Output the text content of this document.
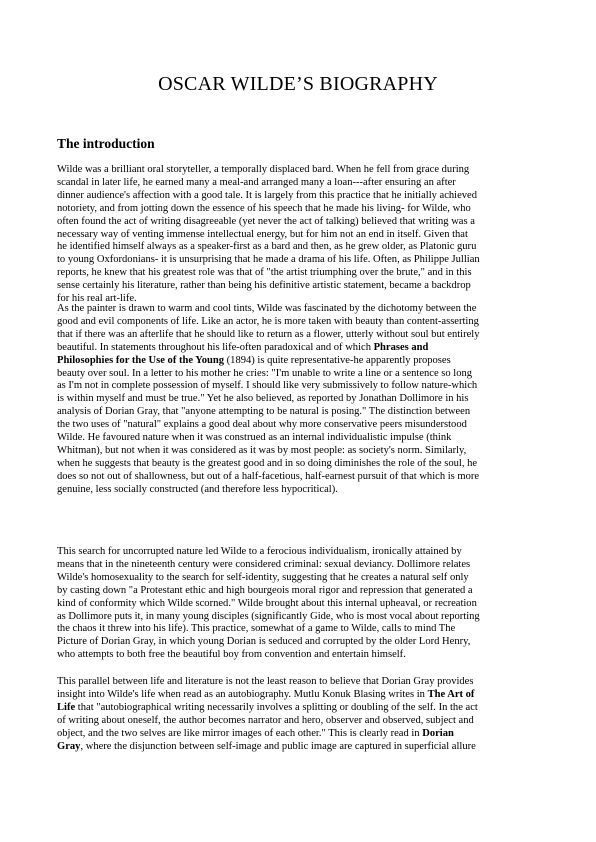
OSCAR WILDE’S BIOGRAPHY
The introduction
Wilde was a brilliant oral storyteller, a temporally displaced bard. When he fell from grace during
scandal in later life, he earned many a meal-and arranged many a loan---after ensuring an after
dinner audience's affection with a good tale. It is largely from this practice that he initially achieved
notoriety, and from jotting down the essence of his speech that he made his living- for Wilde, who
often found the act of writing disagreeable (yet never the act of talking) believed that writing was a
necessary way of venting immense intellectual energy, but for him not an end in itself. Given that
he identified himself always as a speaker-first as a bard and then, as he grew older, as Platonic guru
to young Oxfordonians- it is unsurprising that he made a drama of his life. Often, as Philippe Jullian
reports, he knew that his greatest role was that of "the artist triumphing over the brute," and in this
sense certainly his literature, rather than being his definitive artistic statement, became a backdrop
for his real art-life.
As the painter is drawn to warm and cool tints, Wilde was fascinated by the dichotomy between the
good and evil components of life. Like an actor, he is more taken with beauty than content-asserting
that if there was an afterlife that he should like to return as a flower, utterly without soul but entirely
beautiful. In statements throughout his life-often paradoxical and of which Phrases and
Philosophies for the Use of the Young (1894) is quite representative-he apparently proposes
beauty over soul. In a letter to his mother he cries: "I'm unable to write a line or a sentence so long
as I'm not in complete possession of myself. I should like very submissively to follow nature-which
is within myself and must be true." Yet he also believed, as reported by Jonathan Dollimore in his
analysis of Dorian Gray, that "anyone attempting to be natural is posing." The distinction between
the two uses of "natural" explains a good deal about why more conservative peers misunderstood
Wilde. He favoured nature when it was construed as an internal individualistic impulse (think
Whitman), but not when it was considered as it was by most people: as society's norm. Similarly,
when he suggests that beauty is the greatest good and in so doing diminishes the role of the soul, he
does so not out of shallowness, but out of a half-facetious, half-earnest pursuit of that which is more
genuine, less socially constructed (and therefore less hypocritical).
This search for uncorrupted nature led Wilde to a ferocious individualism, ironically attained by
means that in the nineteenth century were considered criminal: sexual deviancy. Dollimore relates
Wilde's homosexuality to the search for self-identity, suggesting that he creates a natural self only
by casting down "a Protestant ethic and high bourgeois moral rigor and repression that generated a
kind of conformity which Wilde scorned." Wilde brought about this internal upheaval, or recreation
as Dollimore puts it, in many young disciples (significantly Gide, who is most vocal about reporting
the chaos it threw into his life). This practice, somewhat of a game to Wilde, calls to mind The
Picture of Dorian Gray, in which young Dorian is seduced and corrupted by the older Lord Henry,
who attempts to both free the beautiful boy from convention and entertain himself.
This parallel between life and literature is not the least reason to believe that Dorian Gray provides
insight into Wilde's life when read as an autobiography. Mutlu Konuk Blasing writes in The Art of
Life that "autobiographical writing necessarily involves a splitting or doubling of the self. In the act
of writing about oneself, the author becomes narrator and hero, observer and observed, subject and
object, and the two selves are like mirror images of each other." This is clearly read in Dorian
Gray, where the disjunction between self-image and public image are captured in superficial allure
